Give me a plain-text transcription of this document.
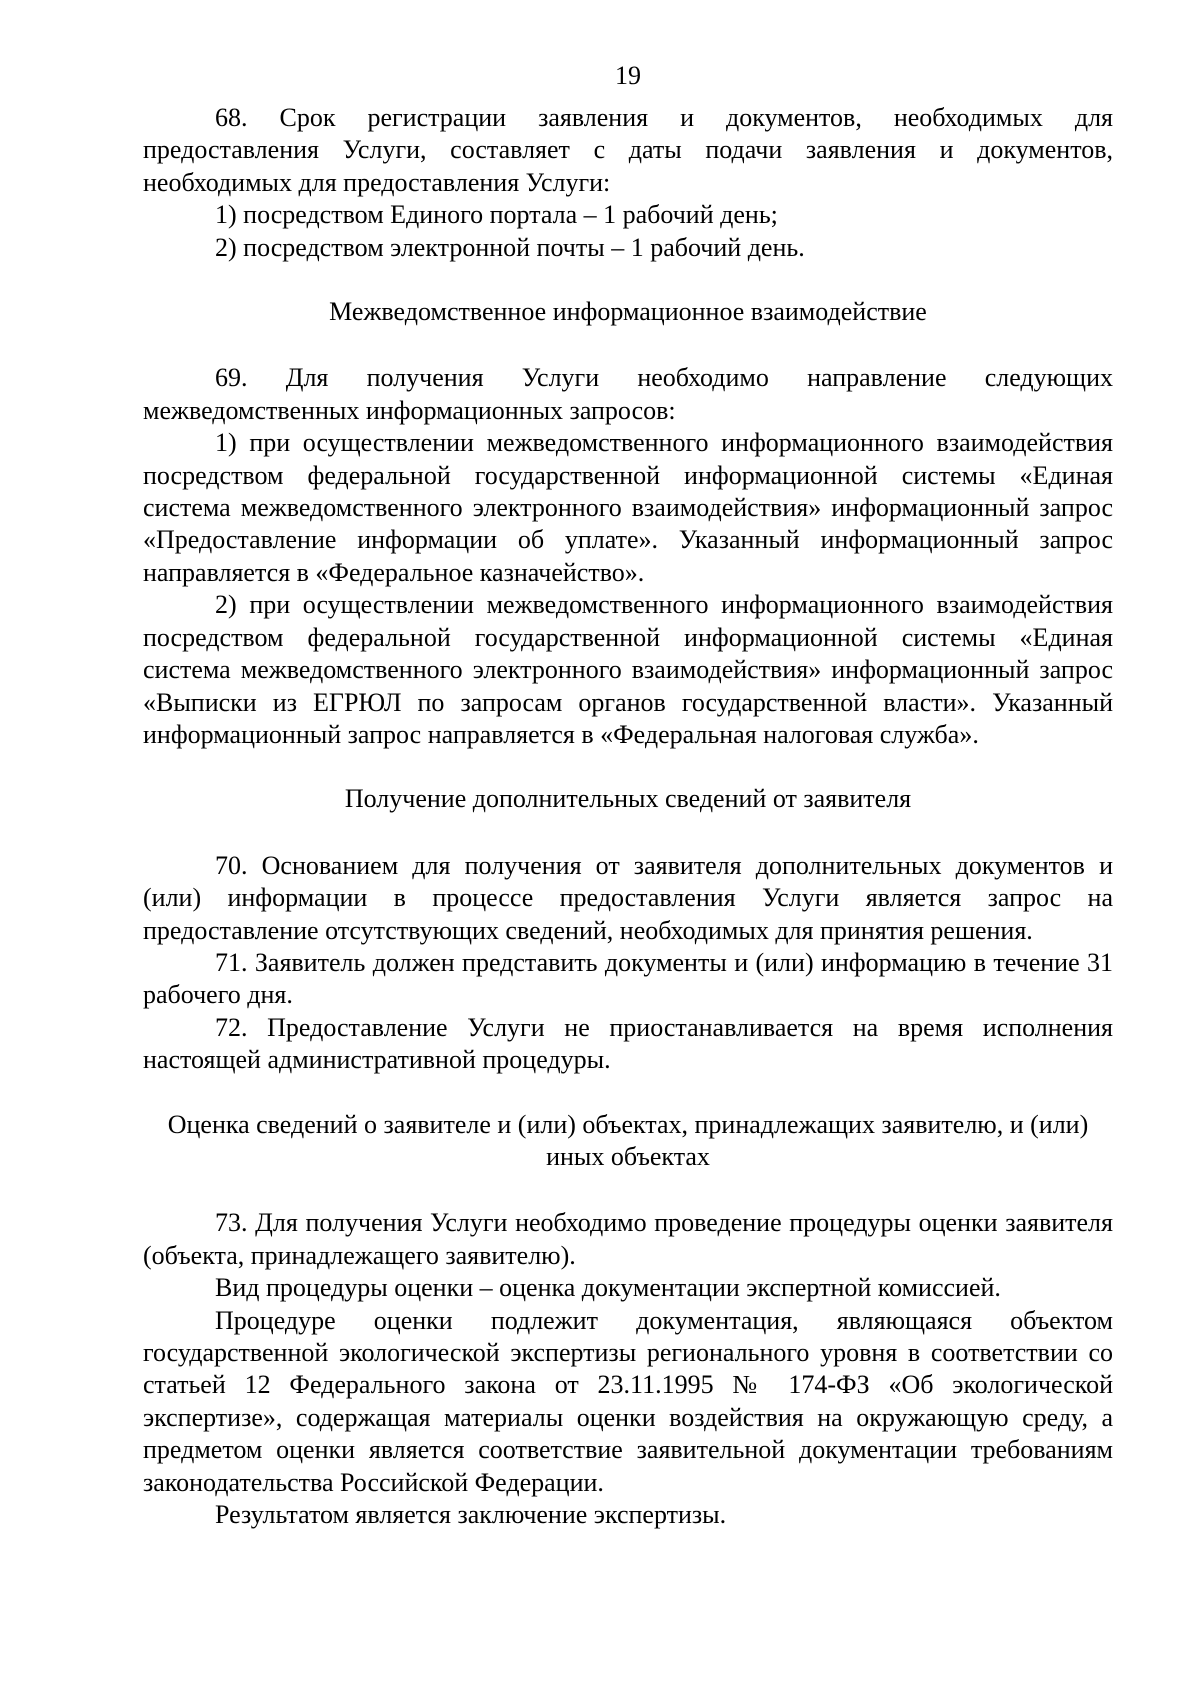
19

68. Срок регистрации заявления и документов, необходимых для предоставления Услуги, составляет с даты подачи заявления и документов, необходимых для предоставления Услуги:

1) посредством Единого портала – 1 рабочий день;

2) посредством электронной почты – 1 рабочий день.

Межведомственное информационное взаимодействие

69. Для получения Услуги необходимо направление следующих межведомственных информационных запросов:

1) при осуществлении межведомственного информационного взаимодействия посредством федеральной государственной информационной системы «Единая система межведомственного электронного взаимодействия» информационный запрос «Предоставление информации об уплате». Указанный информационный запрос направляется в «Федеральное казначейство».

2) при осуществлении межведомственного информационного взаимодействия посредством федеральной государственной информационной системы «Единая система межведомственного электронного взаимодействия» информационный запрос «Выписки из ЕГРЮЛ по запросам органов государственной власти». Указанный информационный запрос направляется в «Федеральная налоговая служба».

Получение дополнительных сведений от заявителя

70. Основанием для получения от заявителя дополнительных документов и (или) информации в процессе предоставления Услуги является запрос на предоставление отсутствующих сведений, необходимых для принятия решения.

71. Заявитель должен представить документы и (или) информацию в течение 31 рабочего дня.

72. Предоставление Услуги не приостанавливается на время исполнения настоящей административной процедуры.

Оценка сведений о заявителе и (или) объектах, принадлежащих заявителю, и (или) иных объектах

73. Для получения Услуги необходимо проведение процедуры оценки заявителя (объекта, принадлежащего заявителю).

Вид процедуры оценки – оценка документации экспертной комиссией.

Процедуре оценки подлежит документация, являющаяся объектом государственной экологической экспертизы регионального уровня в соответствии со статьей 12 Федерального закона от 23.11.1995 № 174-ФЗ «Об экологической экспертизе», содержащая материалы оценки воздействия на окружающую среду, а предметом оценки является соответствие заявительной документации требованиям законодательства Российской Федерации.

Результатом является заключение экспертизы.
